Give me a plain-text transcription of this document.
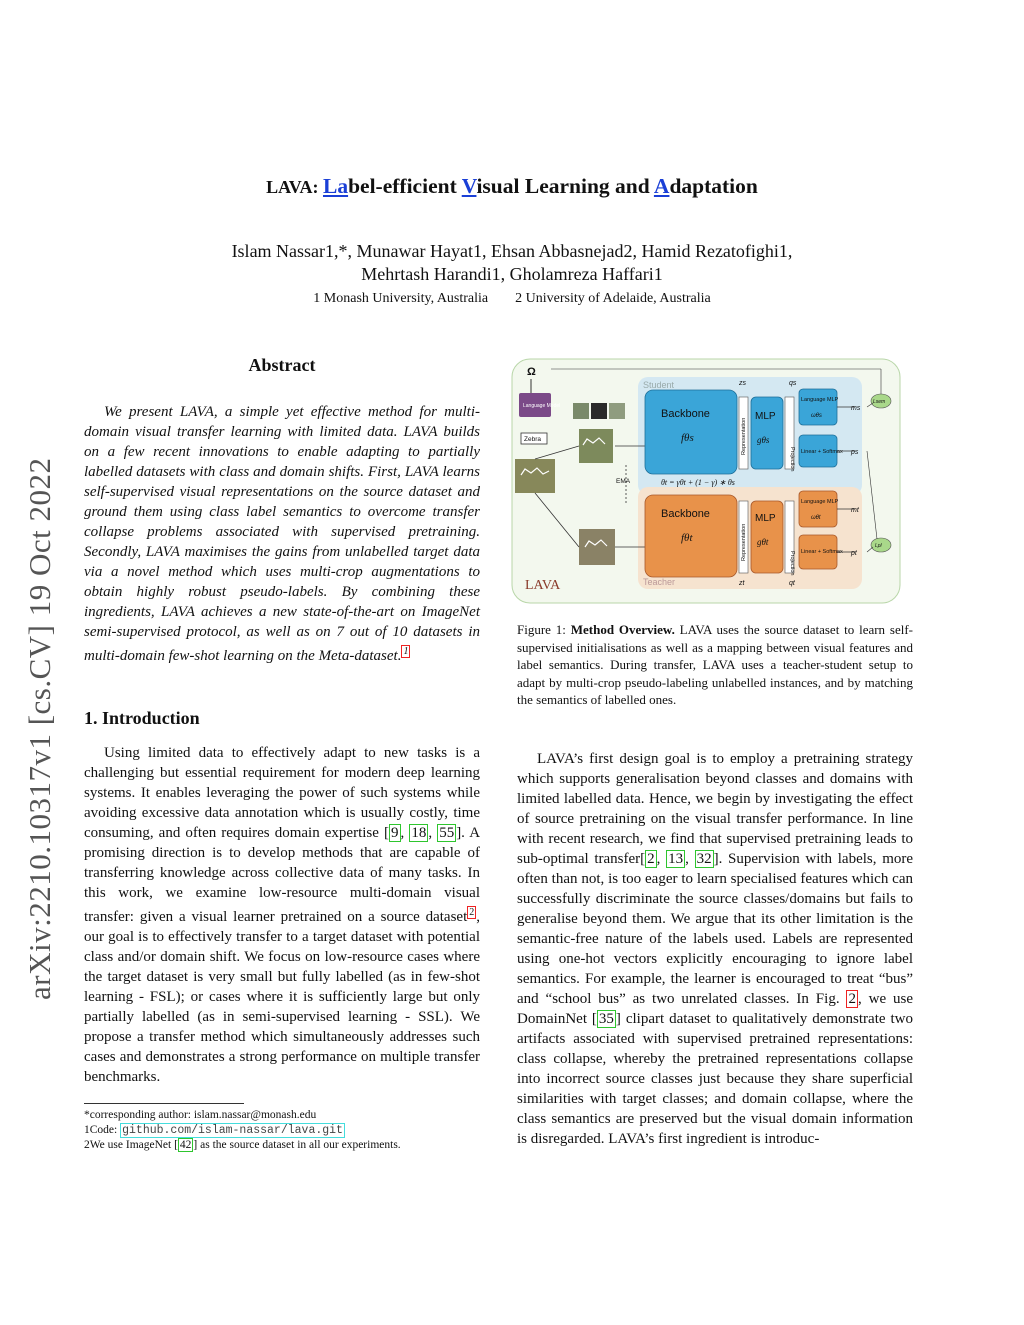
arXiv:2210.10317v1 [cs.CV] 19 Oct 2022
LAVA: Label-efficient Visual Learning and Adaptation
Islam Nassar1,*, Munawar Hayat1, Ehsan Abbasnejad2, Hamid Rezatofighi1,
Mehrtash Harandi1, Gholamreza Haffari1
1 Monash University, Australia 2 University of Adelaide, Australia
Abstract

We present LAVA, a simple yet effective method for multi-domain visual transfer learning with limited data. LAVA builds on a few recent innovations to enable adapting to partially labelled datasets with class and domain shifts. First, LAVA learns self-supervised visual representations on the source dataset and ground them using class label semantics to overcome transfer collapse problems associated with supervised pretraining. Secondly, LAVA maximises the gains from unlabelled target data via a novel method which uses multi-crop augmentations to obtain highly robust pseudo-labels. By combining these ingredients, LAVA achieves a new state-of-the-art on ImageNet semi-supervised protocol, as well as on 7 out of 10 datasets in multi-domain few-shot learning on the Meta-dataset. $^1$

1. Introduction

Using limited data to effectively adapt to new tasks is a challenging but essential requirement for modern deep learning systems. It enables leveraging the power of such systems while avoiding excessive data annotation which is usually costly, time consuming, and often requires domain expertise [ 9 , 18 , 55 ]. A promising direction is to develop methods that are capable of transferring knowledge across collective data of many tasks. In this work, we examine low-resource multi-domain visual transfer: given a visual learner pretrained on a source dataset $^2$ , our goal is to effectively transfer to a target dataset with potential class and/or domain shift. We focus on low-resource cases where the target dataset is very small but fully labelled (as in few-shot learning - FSL); or cases where it is sufficiently large but only partially labelled (as in semi-supervised learning - SSL). We propose a transfer method which simultaneously addresses such cases and demonstrates a strong performance on multiple transfer benchmarks.

*corresponding author: islam.nassar@monash.edu

1Code: github.com/islam-nassar/lava.git

2We use ImageNet [ 42 ] as the source dataset in all our experiments.

Student
Teacher
LAVA
Ω
Language Model
Zebra
Backbone
fθs	Representation
MLP
gθs
Projection
Language MLP
ωθs
Linear + Softmax
zs	qs
ms
ps
EMA	θt = γθt + (1 − γ) ∗ θs
Backbone
fθt	Representation
MLP
gθt
Projection
Language MLP
ωθt
Linear + Softmax
zt	qt
mt
pt
Lsem
Lpl
Figure 1: Method Overview. LAVA uses the source dataset to learn self-supervised initialisations as well as a mapping between visual features and label semantics. During transfer, LAVA uses a teacher-student setup to adapt by multi-crop pseudo-labeling unlabelled instances, and by matching the semantics of labelled ones.

LAVA’s first design goal is to employ a pretraining strategy which supports generalisation beyond classes and domains with limited labelled data. Hence, we begin by investigating the effect of source pretraining on the visual transfer performance. In line with recent research, we find that supervised pretraining leads to sub-optimal transfer[ 2 , 13 , 32 ]. Supervision with labels, more often than not, is too eager to learn specialised features which can successfully discriminate the source classes/domains but fails to generalise beyond them. We argue that its other limitation is the semantic-free nature of the labels used. Labels are represented using one-hot vectors explicitly encouraging to ignore label semantics. For example, the learner is encouraged to treat “bus” and “school bus” as two unrelated classes. In Fig. 2 , we use DomainNet [ 35 ] clipart dataset to qualitatively demonstrate two artifacts associated with supervised pretrained representations: class collapse, whereby the pretrained representations collapse into incorrect source classes just because they share superficial similarities with target classes; and domain collapse, where the class semantics are preserved but the visual domain information is disregarded. LAVA’s first ingredient is introduc-
